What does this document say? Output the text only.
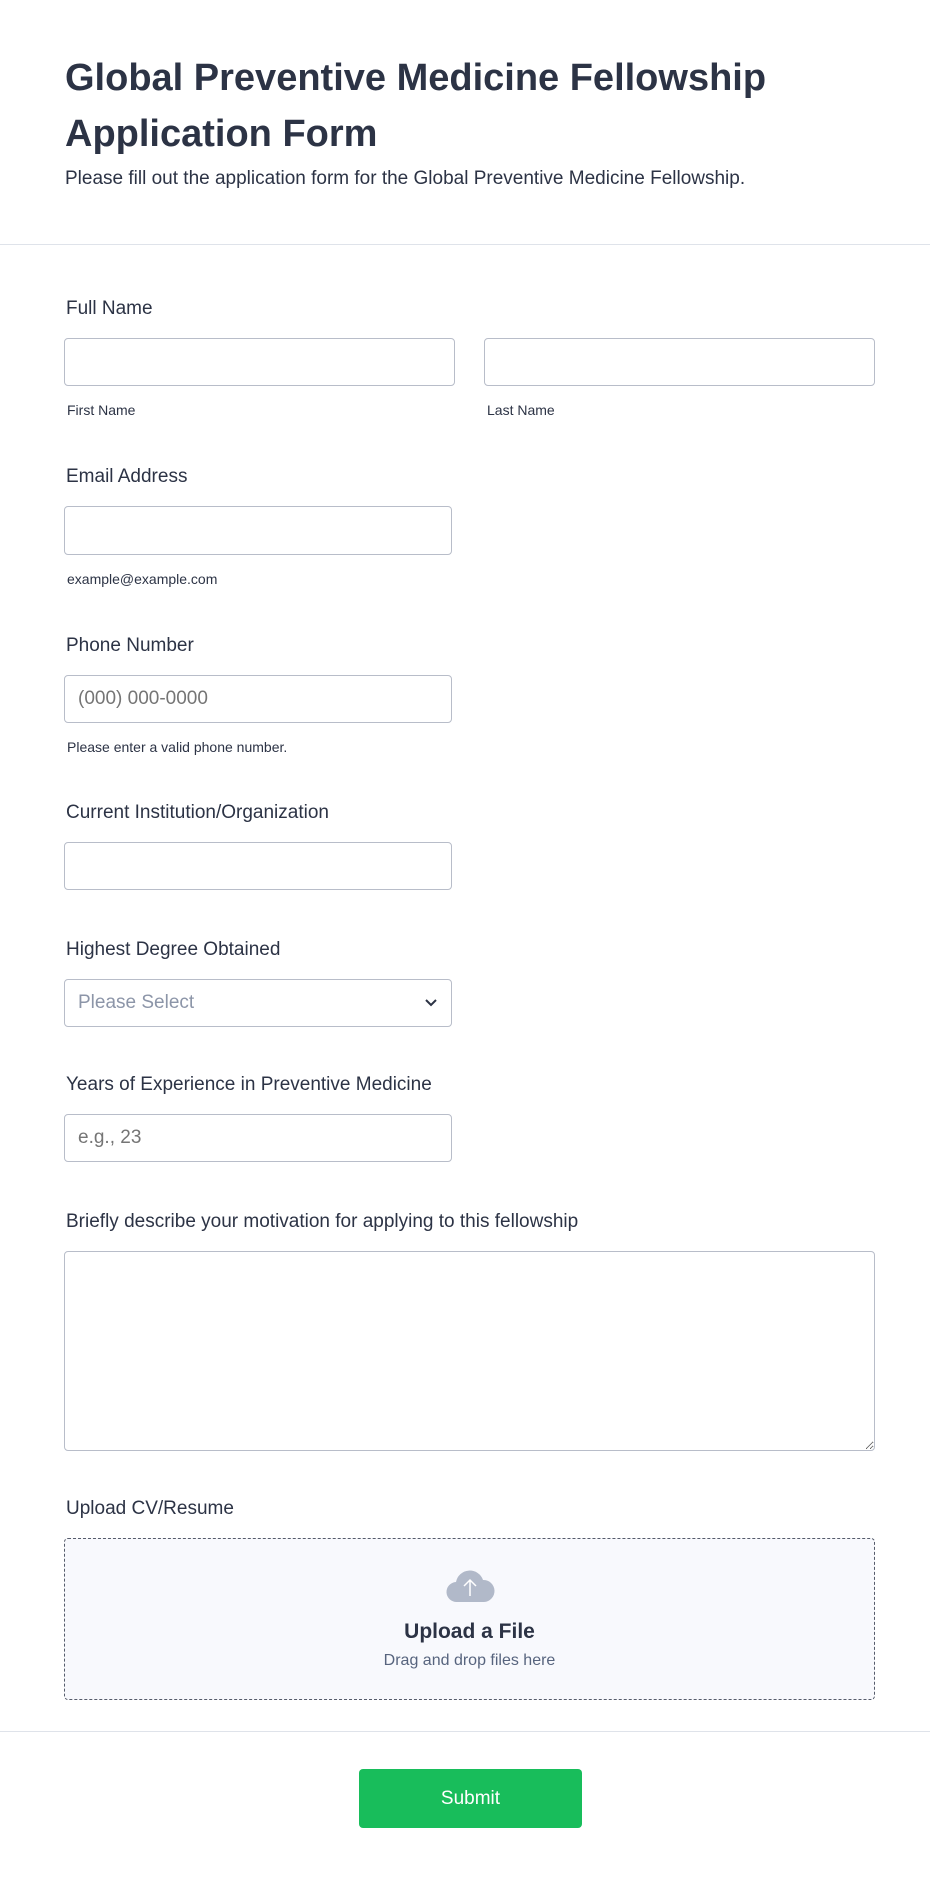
Global Preventive Medicine Fellowship Application Form
Please fill out the application form for the Global Preventive Medicine Fellowship.
Full Name
First Name	Last Name
Email Address
example@example.com
Phone Number
(000) 000-0000
Please enter a valid phone number.
Current Institution/Organization
Highest Degree Obtained
Please Select
Years of Experience in Preventive Medicine
e.g., 23
Briefly describe your motivation for applying to this fellowship
Upload CV/Resume
Upload a File
Drag and drop files here
Submit
